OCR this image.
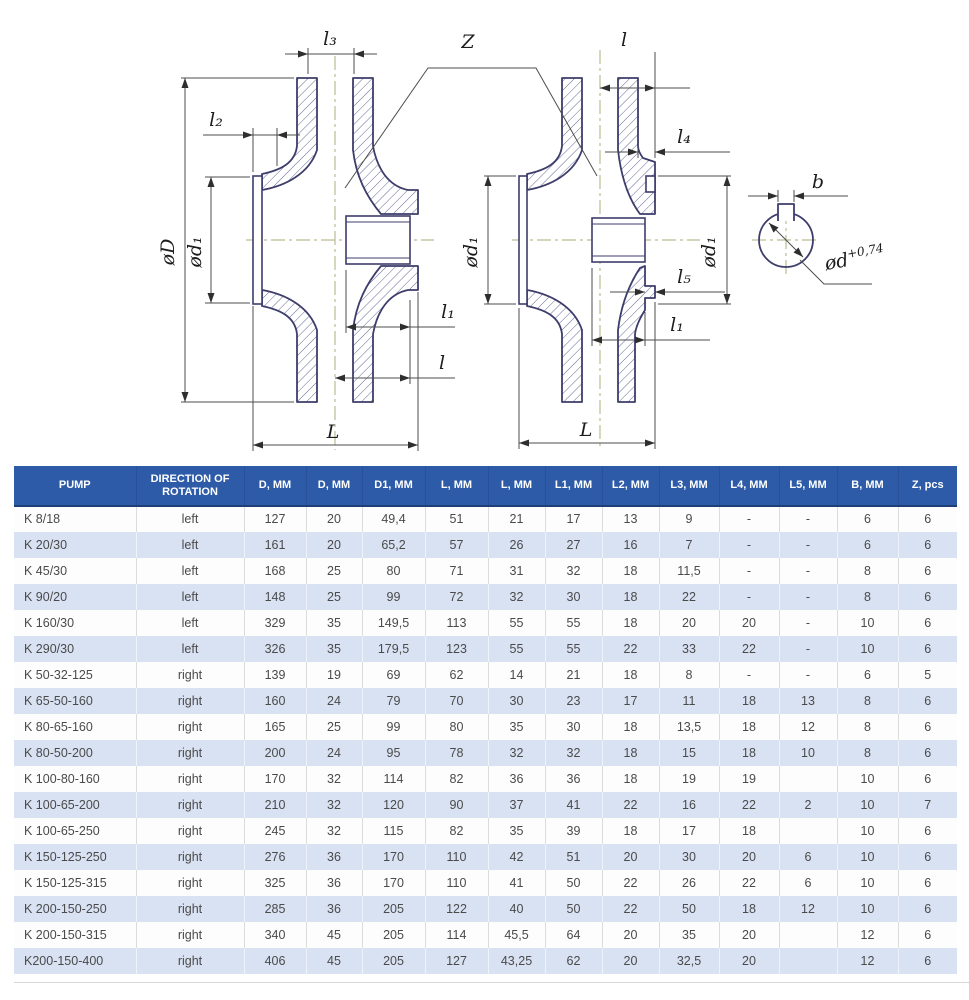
øD ød₁
l₂
l₃
l₁
l
L
Z	l
l₄
ød₁	ød₁
l₅
l₁
L
b
$ød^{+0,74}$
PUMP	DIRECTION OF ROTATION	D, MM	D, MM	D1, MM	L, MM	L, MM	L1, MM	L2, MM	L3, MM	L4, MM	L5, MM	B, MM	Z, pcs
K 8/18	left	127	20	49,4	51	21	17	13	9	-	-	6	6
K 20/30	left	161	20	65,2	57	26	27	16	7	-	-	6	6
K 45/30	left	168	25	80	71	31	32	18	11,5	-	-	8	6
K 90/20	left	148	25	99	72	32	30	18	22	-	-	8	6
K 160/30	left	329	35	149,5	113	55	55	18	20	20	-	10	6
K 290/30	left	326	35	179,5	123	55	55	22	33	22	-	10	6
K 50-32-125	right	139	19	69	62	14	21	18	8	-	-	6	5
K 65-50-160	right	160	24	79	70	30	23	17	11	18	13	8	6
K 80-65-160	right	165	25	99	80	35	30	18	13,5	18	12	8	6
K 80-50-200	right	200	24	95	78	32	32	18	15	18	10	8	6
K 100-80-160	right	170	32	114	82	36	36	18	19	19		10	6
K 100-65-200	right	210	32	120	90	37	41	22	16	22	2	10	7
K 100-65-250	right	245	32	115	82	35	39	18	17	18		10	6
K 150-125-250	right	276	36	170	110	42	51	20	30	20	6	10	6
K 150-125-315	right	325	36	170	110	41	50	22	26	22	6	10	6
K 200-150-250	right	285	36	205	122	40	50	22	50	18	12	10	6
K 200-150-315	right	340	45	205	114	45,5	64	20	35	20		12	6
K200-150-400	right	406	45	205	127	43,25	62	20	32,5	20		12	6
